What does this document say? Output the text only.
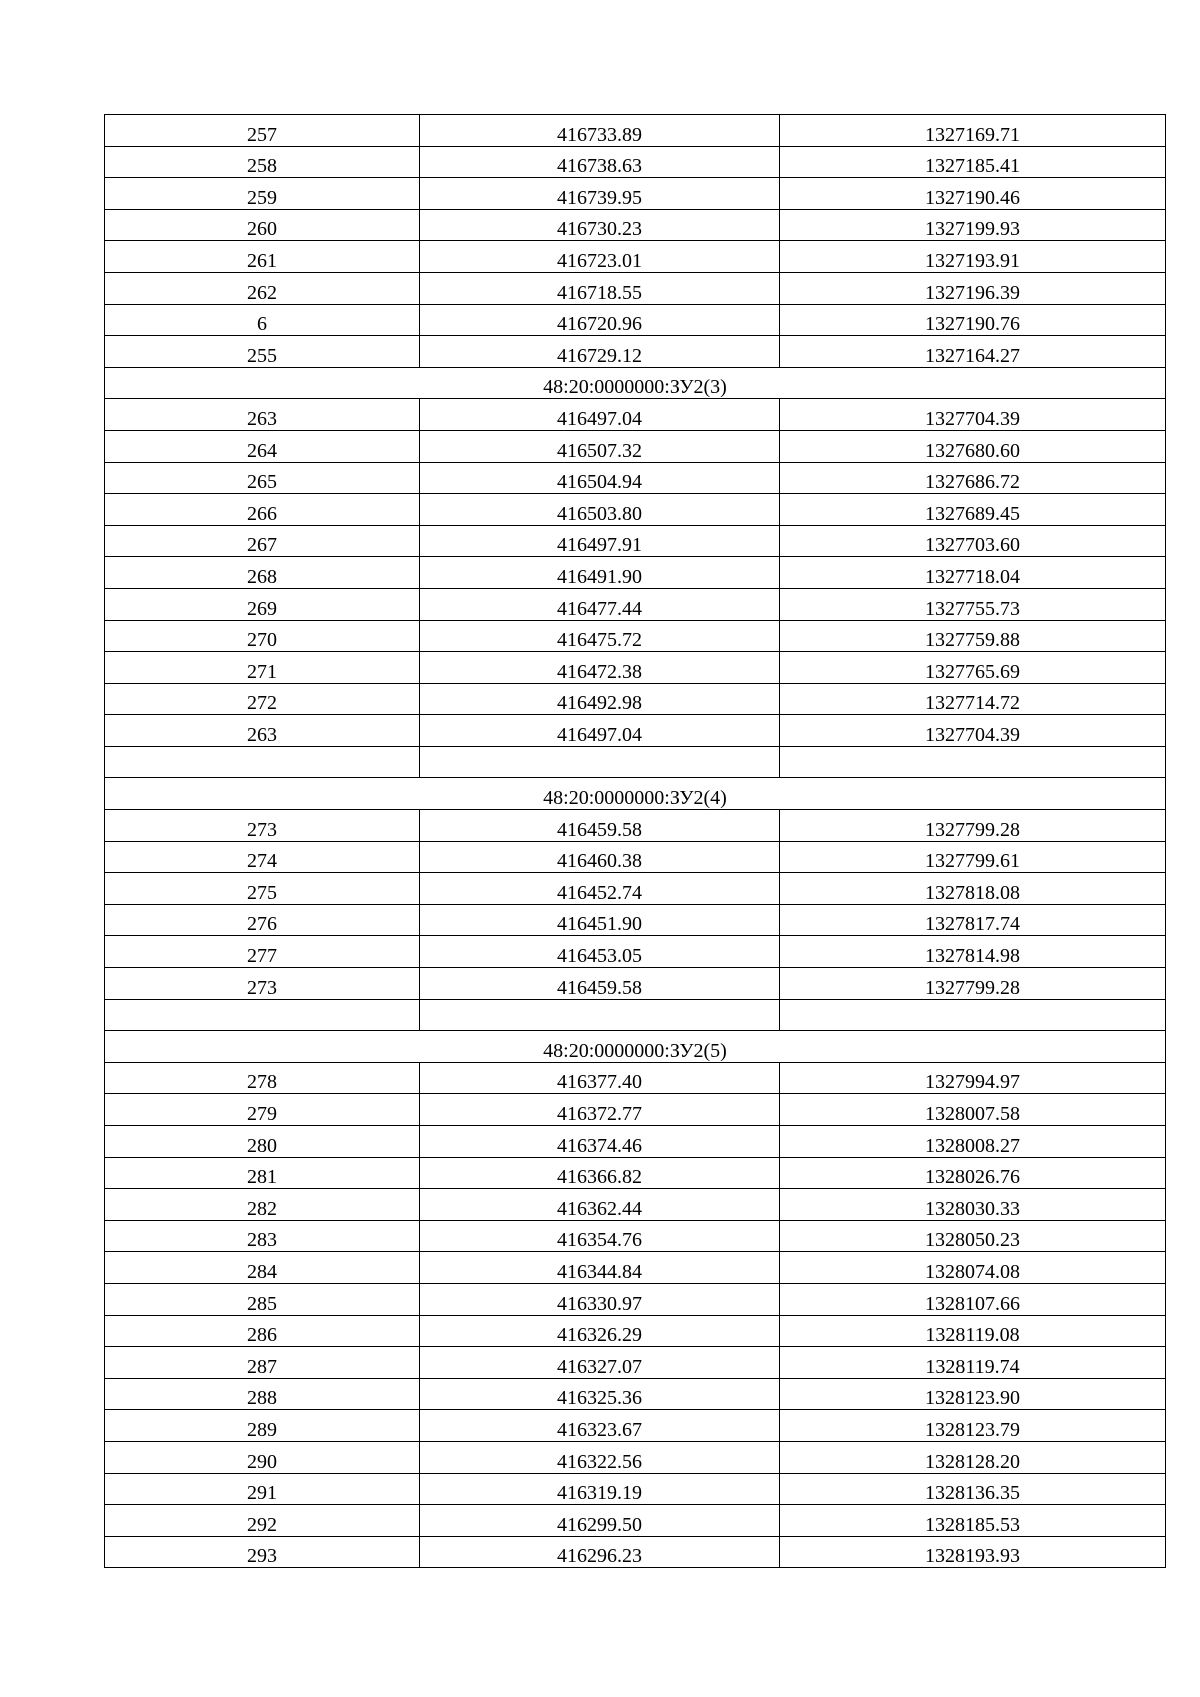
257	416733.89	1327169.71
258	416738.63	1327185.41
259	416739.95	1327190.46
260	416730.23	1327199.93
261	416723.01	1327193.91
262	416718.55	1327196.39
6	416720.96	1327190.76
255	416729.12	1327164.27
48:20:0000000:ЗУ2(3)		
263	416497.04	1327704.39
264	416507.32	1327680.60
265	416504.94	1327686.72
266	416503.80	1327689.45
267	416497.91	1327703.60
268	416491.90	1327718.04
269	416477.44	1327755.73
270	416475.72	1327759.88
271	416472.38	1327765.69
272	416492.98	1327714.72
263	416497.04	1327704.39

48:20:0000000:ЗУ2(4)		
273	416459.58	1327799.28
274	416460.38	1327799.61
275	416452.74	1327818.08
276	416451.90	1327817.74
277	416453.05	1327814.98
273	416459.58	1327799.28

48:20:0000000:ЗУ2(5)		
278	416377.40	1327994.97
279	416372.77	1328007.58
280	416374.46	1328008.27
281	416366.82	1328026.76
282	416362.44	1328030.33
283	416354.76	1328050.23
284	416344.84	1328074.08
285	416330.97	1328107.66
286	416326.29	1328119.08
287	416327.07	1328119.74
288	416325.36	1328123.90
289	416323.67	1328123.79
290	416322.56	1328128.20
291	416319.19	1328136.35
292	416299.50	1328185.53
293	416296.23	1328193.93
